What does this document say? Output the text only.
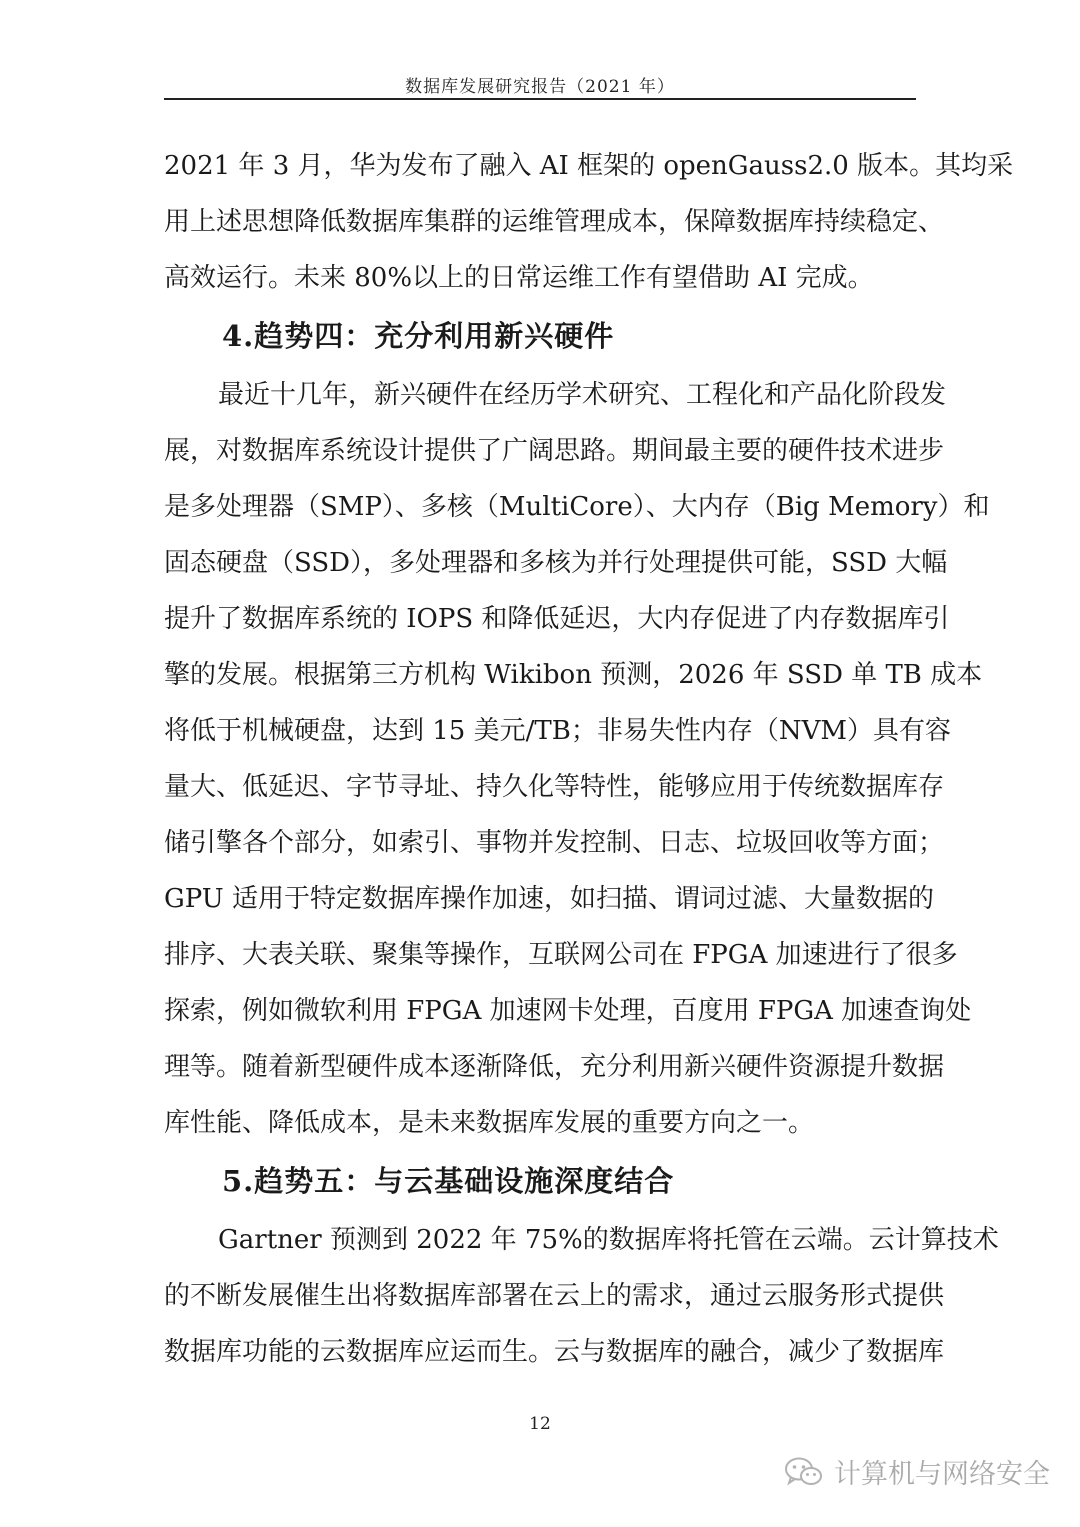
数据库发展研究报告（2021 年）
2021 年 3 月，华为发布了融入 AI 框架的 openGauss2.0 版本。其均采
用上述思想降低数据库集群的运维管理成本，保障数据库持续稳定、
高效运行。未来 80%以上的日常运维工作有望借助 AI 完成。
4.趋势四：充分利用新兴硬件
最近十几年，新兴硬件在经历学术研究、工程化和产品化阶段发
展，对数据库系统设计提供了广阔思路。期间最主要的硬件技术进步
是多处理器（SMP）、多核（MultiCore）、大内存（Big Memory）和
固态硬盘（SSD），多处理器和多核为并行处理提供可能，SSD 大幅
提升了数据库系统的 IOPS 和降低延迟，大内存促进了内存数据库引
擎的发展。根据第三方机构 Wikibon 预测，2026 年 SSD 单 TB 成本
将低于机械硬盘，达到 15 美元/TB；非易失性内存（NVM）具有容
量大、低延迟、字节寻址、持久化等特性，能够应用于传统数据库存
储引擎各个部分，如索引、事物并发控制、日志、垃圾回收等方面；
GPU 适用于特定数据库操作加速，如扫描、谓词过滤、大量数据的
排序、大表关联、聚集等操作，互联网公司在 FPGA 加速进行了很多
探索，例如微软利用 FPGA 加速网卡处理，百度用 FPGA 加速查询处
理等。随着新型硬件成本逐渐降低，充分利用新兴硬件资源提升数据
库性能、降低成本，是未来数据库发展的重要方向之一。
5.趋势五：与云基础设施深度结合
Gartner 预测到 2022 年 75%的数据库将托管在云端。云计算技术
的不断发展催生出将数据库部署在云上的需求，通过云服务形式提供
数据库功能的云数据库应运而生。云与数据库的融合，减少了数据库
12
计算机与网络安全
